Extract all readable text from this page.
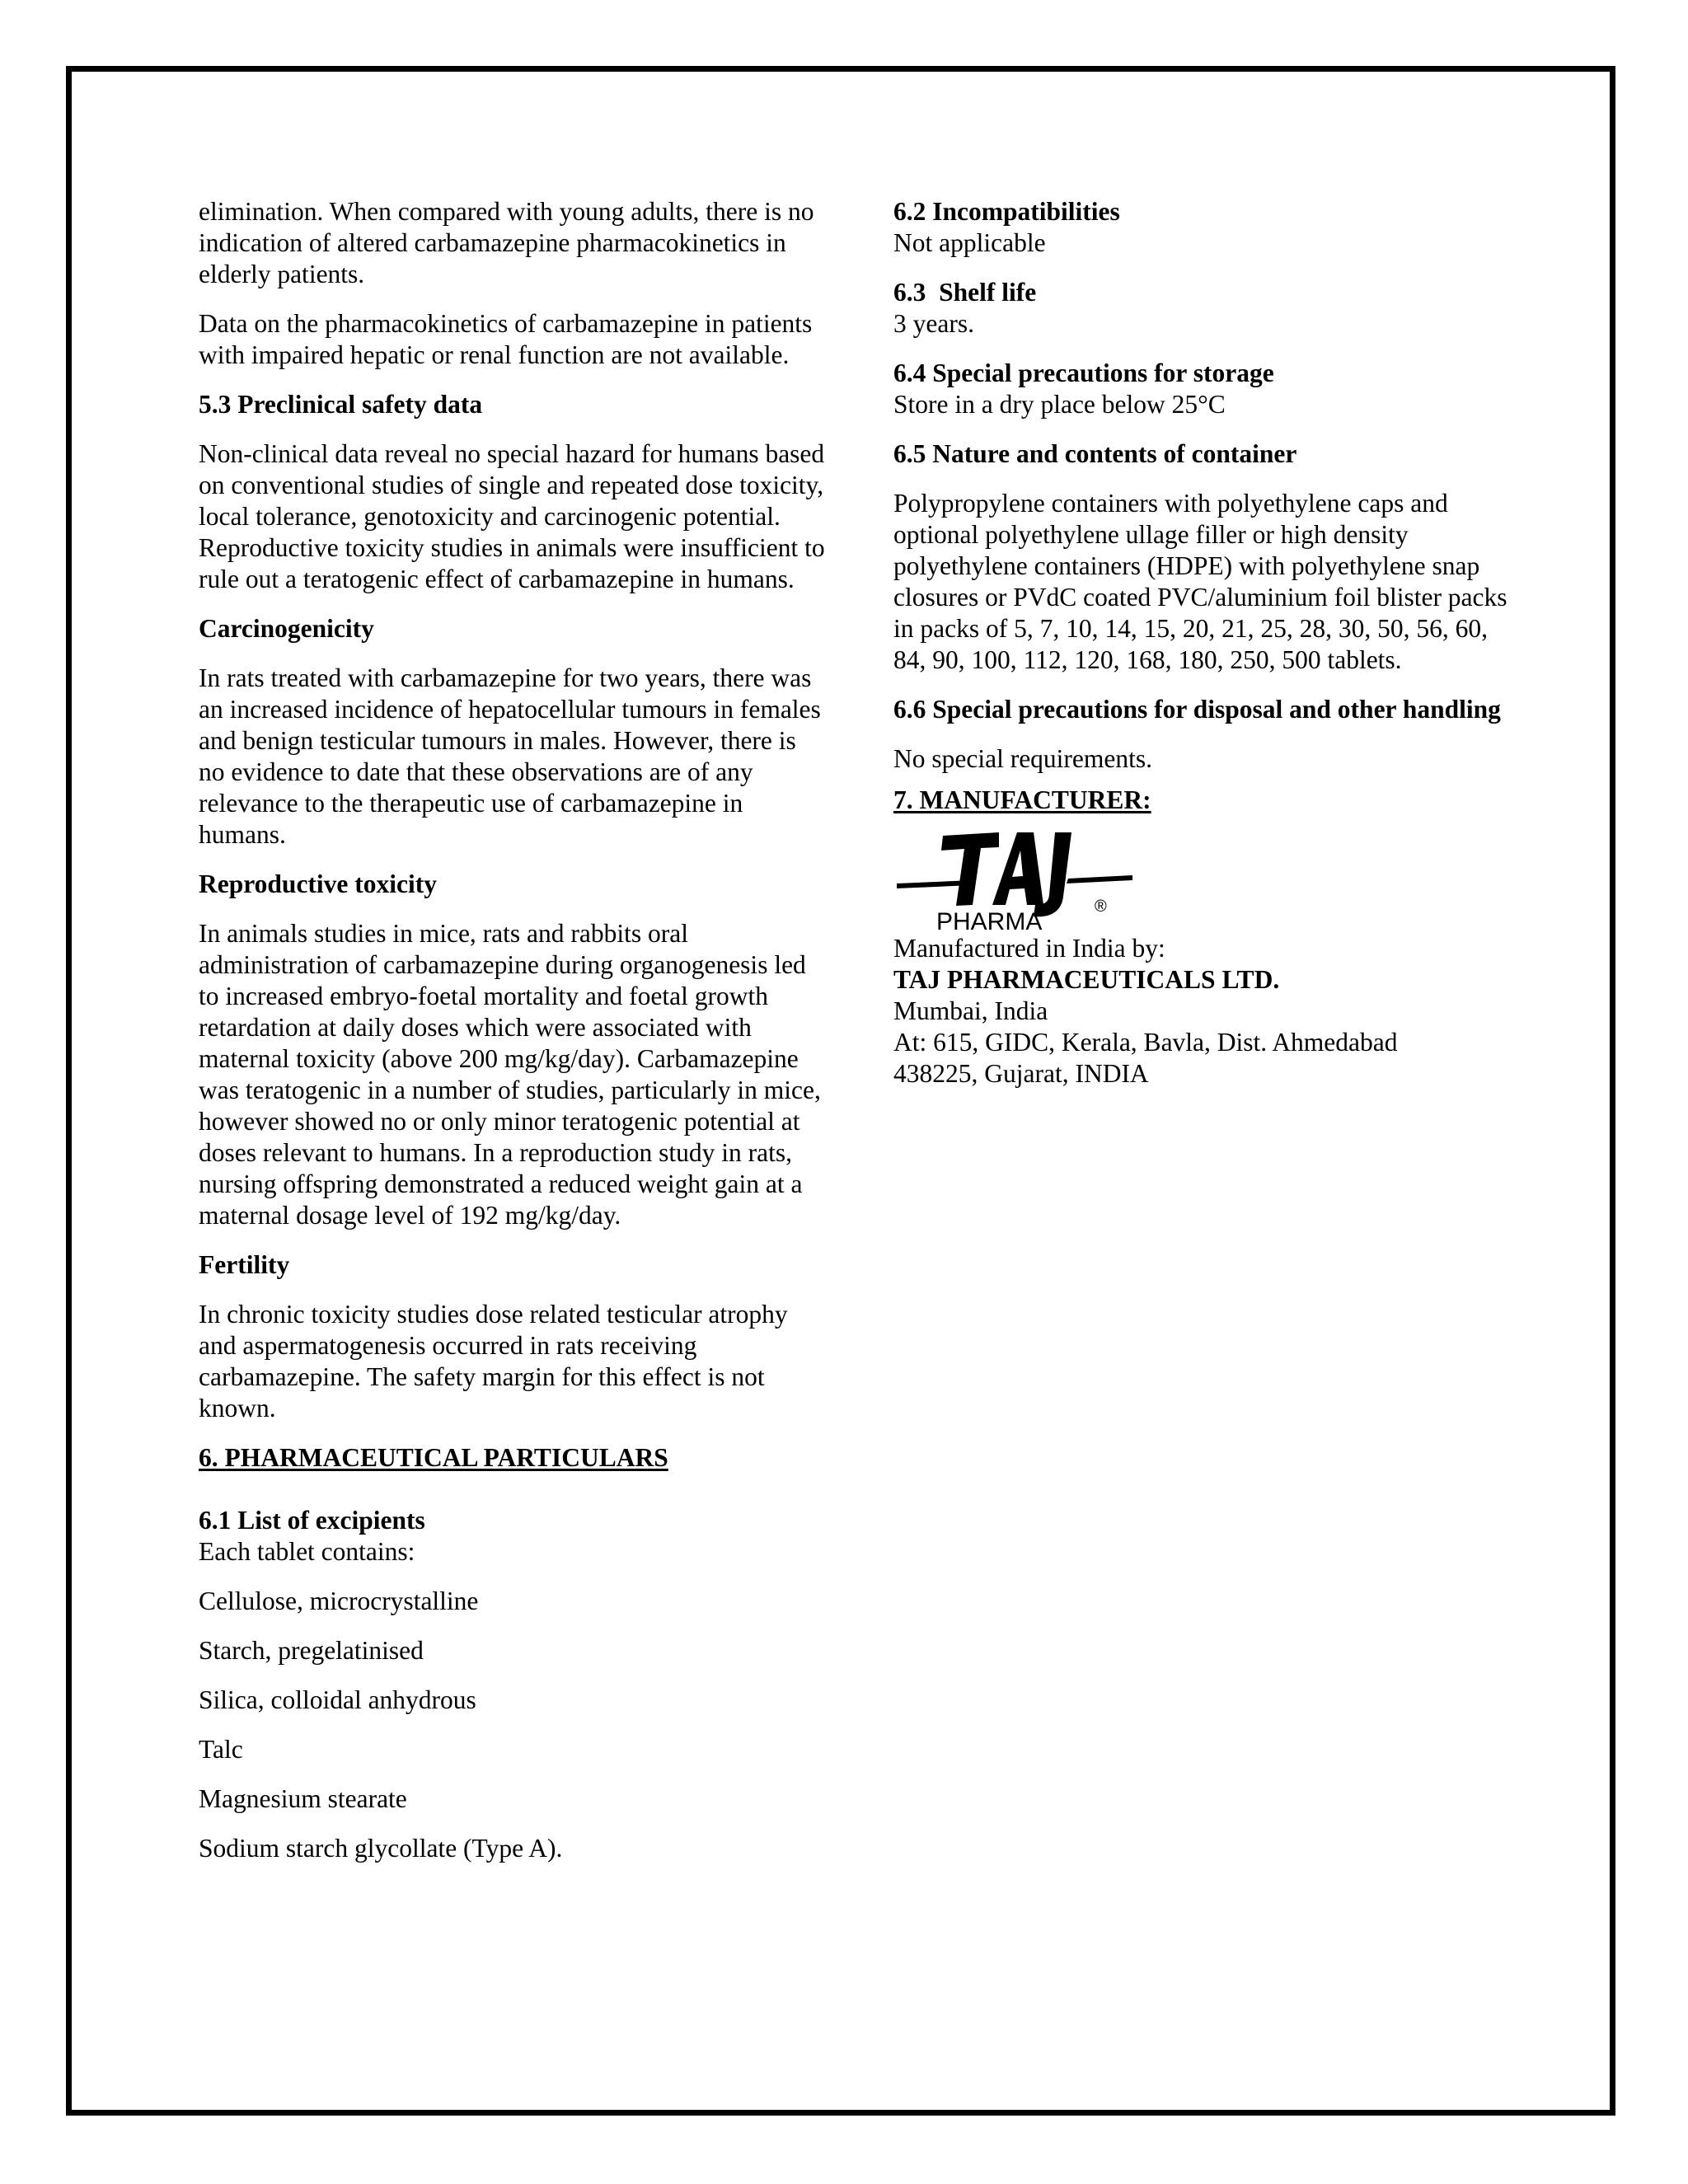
elimination. When compared with young adults, there is no indication of altered carbamazepine pharmacokinetics in elderly patients.

Data on the pharmacokinetics of carbamazepine in patients with impaired hepatic or renal function are not available.

5.3 Preclinical safety data

Non-clinical data reveal no special hazard for humans based on conventional studies of single and repeated dose toxicity, local tolerance, genotoxicity and carcinogenic potential. Reproductive toxicity studies in animals were insufficient to rule out a teratogenic effect of carbamazepine in humans.

Carcinogenicity

In rats treated with carbamazepine for two years, there was an increased incidence of hepatocellular tumours in females and benign testicular tumours in males. However, there is no evidence to date that these observations are of any relevance to the therapeutic use of carbamazepine in humans.

Reproductive toxicity

In animals studies in mice, rats and rabbits oral administration of carbamazepine during organogenesis led to increased embryo-foetal mortality and foetal growth retardation at daily doses which were associated with maternal toxicity (above 200 mg/kg/day). Carbamazepine was teratogenic in a number of studies, particularly in mice, however showed no or only minor teratogenic potential at doses relevant to humans. In a reproduction study in rats, nursing offspring demonstrated a reduced weight gain at a maternal dosage level of 192 mg/kg/day.

Fertility

In chronic toxicity studies dose related testicular atrophy and aspermatogenesis occurred in rats receiving carbamazepine. The safety margin for this effect is not known.

6. PHARMACEUTICAL PARTICULARS
6.1 List of excipients

Each tablet contains:

Cellulose, microcrystalline

Starch, pregelatinised

Silica, colloidal anhydrous

Talc

Magnesium stearate

Sodium starch glycollate (Type A).

6.2 Incompatibilities

Not applicable

6.3  Shelf life

3 years.

6.4 Special precautions for storage

Store in a dry place below 25°C

6.5 Nature and contents of container

Polypropylene containers with polyethylene caps and optional polyethylene ullage filler or high density polyethylene containers (HDPE) with polyethylene snap closures or PVdC coated PVC/aluminium foil blister packs in packs of 5, 7, 10, 14, 15, 20, 21, 25, 28, 30, 50, 56, 60, 84, 90, 100, 112, 120, 168, 180, 250, 500 tablets.

6.6 Special precautions for disposal and other handling

No special requirements.

7. MANUFACTURER:
PHARMA
®
Manufactured in India by:
TAJ PHARMACEUTICALS LTD.
Mumbai, India
At: 615, GIDC, Kerala, Bavla, Dist. Ahmedabad
438225, Gujarat, INDIA
